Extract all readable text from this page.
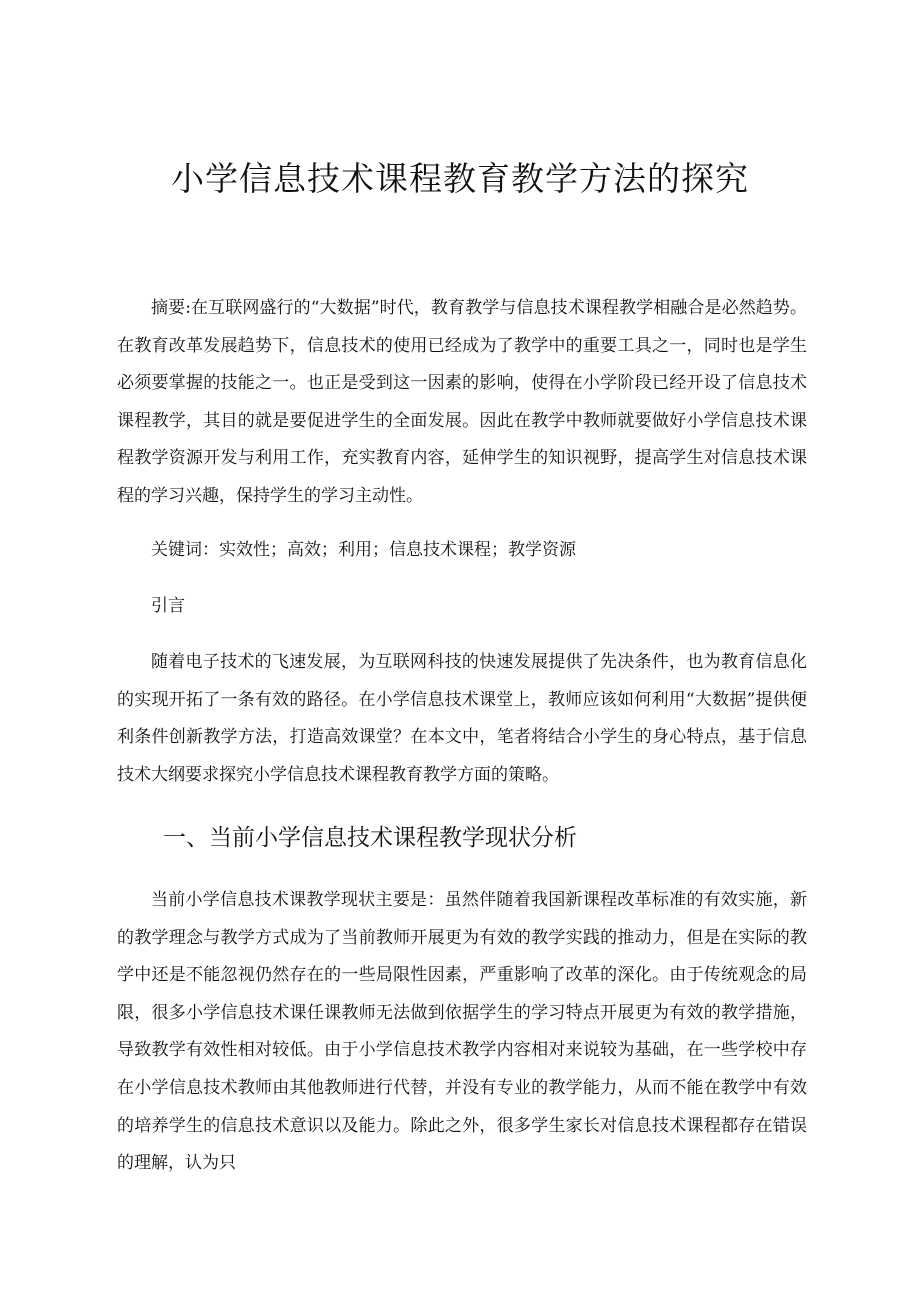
小学信息技术课程教育教学方法的探究

摘要:在互联网盛行的“大数据”时代，教育教学与信息技术课程教学相融合是必然趋势。在教育改革发展趋势下，信息技术的使用已经成为了教学中的重要工具之一，同时也是学生必须要掌握的技能之一。也正是受到这一因素的影响，使得在小学阶段已经开设了信息技术课程教学，其目的就是要促进学生的全面发展。因此在教学中教师就要做好小学信息技术课程教学资源开发与利用工作，充实教育内容，延伸学生的知识视野，提高学生对信息技术课程的学习兴趣，保持学生的学习主动性。

关键词：实效性；高效；利用；信息技术课程；教学资源

引言

随着电子技术的飞速发展，为互联网科技的快速发展提供了先决条件，也为教育信息化的实现开拓了一条有效的路径。在小学信息技术课堂上，教师应该如何利用“大数据”提供便利条件创新教学方法，打造高效课堂？在本文中，笔者将结合小学生的身心特点，基于信息技术大纲要求探究小学信息技术课程教育教学方面的策略。

一、当前小学信息技术课程教学现状分析

当前小学信息技术课教学现状主要是：虽然伴随着我国新课程改革标准的有效实施，新的教学理念与教学方式成为了当前教师开展更为有效的教学实践的推动力，但是在实际的教学中还是不能忽视仍然存在的一些局限性因素，严重影响了改革的深化。由于传统观念的局限，很多小学信息技术课任课教师无法做到依据学生的学习特点开展更为有效的教学措施，导致教学有效性相对较低。由于小学信息技术教学内容相对来说较为基础，在一些学校中存在小学信息技术教师由其他教师进行代替，并没有专业的教学能力，从而不能在教学中有效的培养学生的信息技术意识以及能力。除此之外，很多学生家长对信息技术课程都存在错误的理解，认为只
